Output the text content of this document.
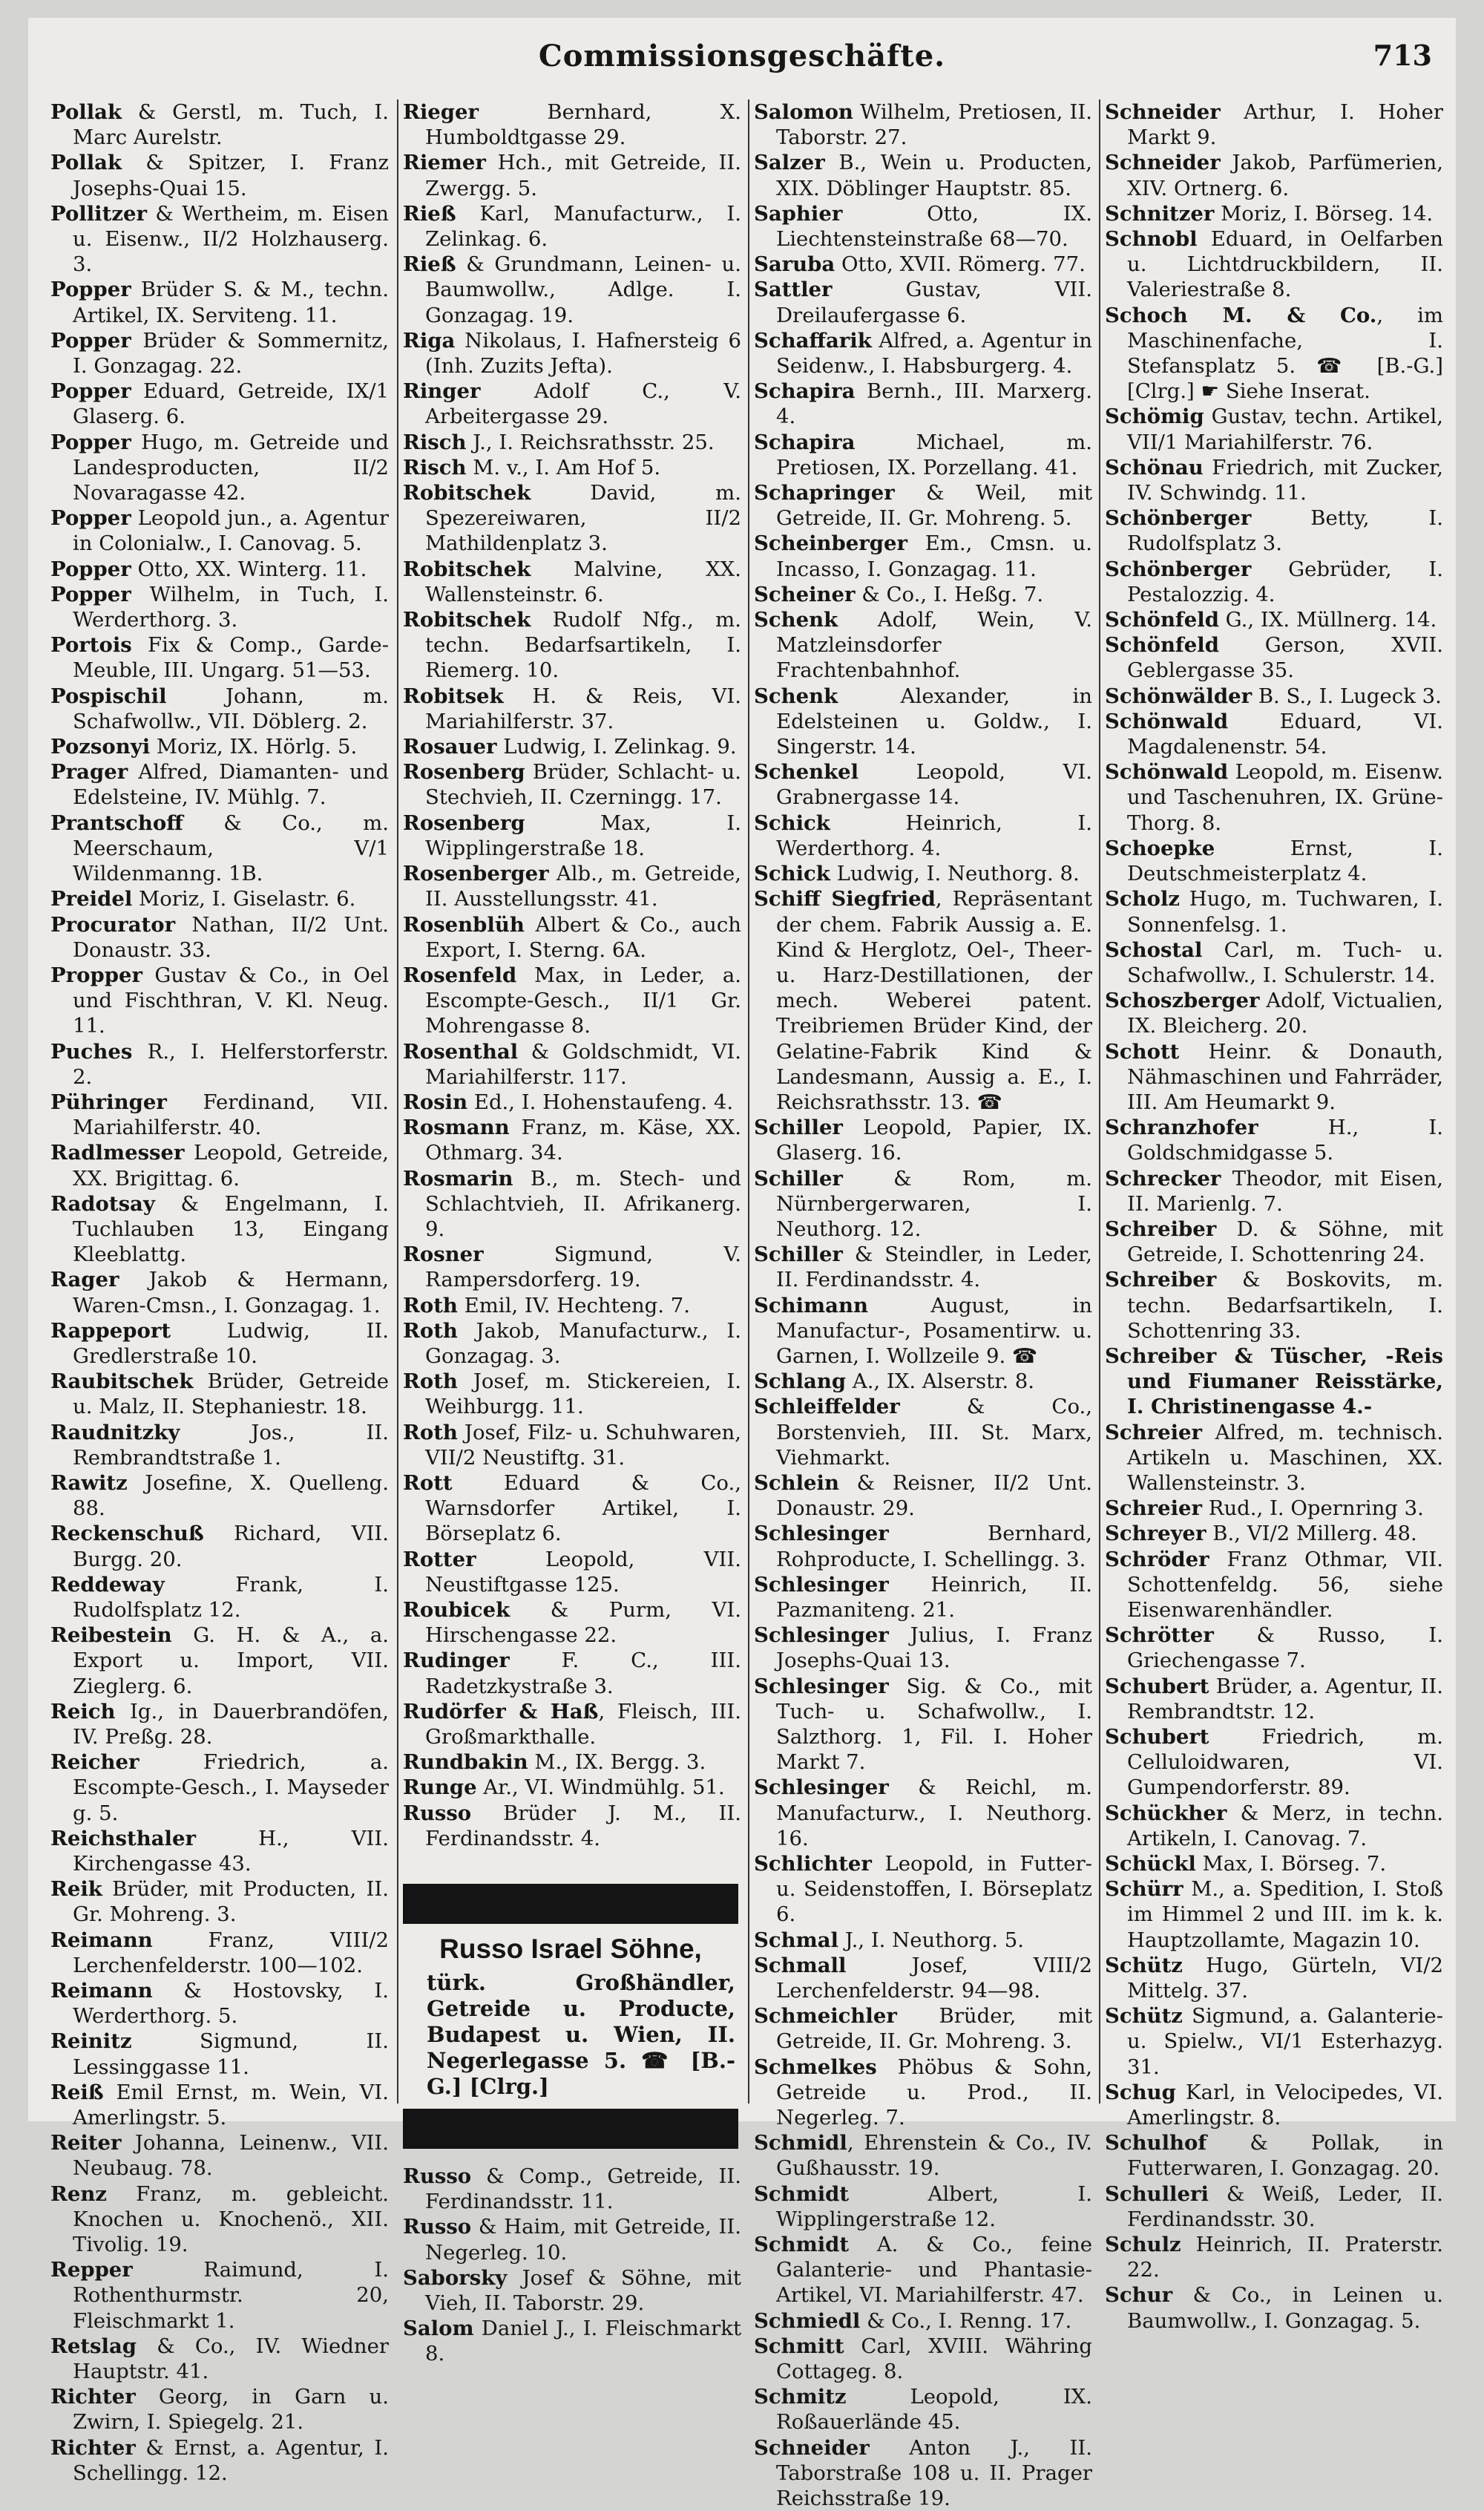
Commissionsgeschäfte.	713
Pollak & Gerstl, m. Tuch, I. Marc Aurelstr.
Pollak & Spitzer, I. Franz Josephs-Quai 15.
Pollitzer & Wertheim, m. Eisen u. Eisenw., II/2 Holzhauserg. 3.
Popper Brüder S. & M., techn. Artikel, IX. Serviteng. 11.
Popper Brüder & Sommernitz, I. Gonzagag. 22.
Popper Eduard, Getreide, IX/1 Glaserg. 6.
Popper Hugo, m. Getreide und Landesproducten, II/2 Novaragasse 42.
Popper Leopold jun., a. Agentur in Colonialw., I. Canovag. 5.
Popper Otto, XX. Winterg. 11.
Popper Wilhelm, in Tuch, I. Werderthorg. 3.
Portois Fix & Comp., Garde-Meuble, III. Ungarg. 51—53.
Pospischil Johann, m. Schafwollw., VII. Döblerg. 2.
Pozsonyi Moriz, IX. Hörlg. 5.
Prager Alfred, Diamanten- und Edelsteine, IV. Mühlg. 7.
Prantschoff & Co., m. Meerschaum, V/1 Wildenmanng. 1B.
Preidel Moriz, I. Giselastr. 6.
Procurator Nathan, II/2 Unt. Donaustr. 33.
Propper Gustav & Co., in Oel und Fischthran, V. Kl. Neug. 11.
Puches R., I. Helferstorferstr. 2.
Pühringer Ferdinand, VII. Mariahilferstr. 40.
Radlmesser Leopold, Getreide, XX. Brigittag. 6.
Radotsay & Engelmann, I. Tuchlauben 13, Eingang Kleeblattg.
Rager Jakob & Hermann, Waren-Cmsn., I. Gonzagag. 1.
Rappeport Ludwig, II. Gredlerstraße 10.
Raubitschek Brüder, Getreide u. Malz, II. Stephaniestr. 18.
Raudnitzky Jos., II. Rembrandtstraße 1.
Rawitz Josefine, X. Quelleng. 88.
Reckenschuß Richard, VII. Burgg. 20.
Reddeway Frank, I. Rudolfsplatz 12.
Reibestein G. H. & A., a. Export u. Import, VII. Zieglerg. 6.
Reich Ig., in Dauerbrandöfen, IV. Preßg. 28.
Reicher Friedrich, a. Escompte-Gesch., I. Mayseder g. 5.
Reichsthaler H., VII. Kirchengasse 43.
Reik Brüder, mit Producten, II. Gr. Mohreng. 3.
Reimann Franz, VIII/2 Lerchenfelderstr. 100—102.
Reimann & Hostovsky, I. Werderthorg. 5.
Reinitz Sigmund, II. Lessinggasse 11.
Reiß Emil Ernst, m. Wein, VI. Amerlingstr. 5.
Reiter Johanna, Leinenw., VII. Neubaug. 78.
Renz Franz, m. gebleicht. Knochen u. Knochenö., XII. Tivolig. 19.
Repper Raimund, I. Rothenthurmstr. 20, Fleischmarkt 1.
Retslag & Co., IV. Wiedner Hauptstr. 41.
Richter Georg, in Garn u. Zwirn, I. Spiegelg. 21.
Richter & Ernst, a. Agentur, I. Schellingg. 12.
Rieger Bernhard, X. Humboldtgasse 29.
Riemer Hch., mit Getreide, II. Zwergg. 5.
Rieß Karl, Manufacturw., I. Zelinkag. 6.
Rieß & Grundmann, Leinen- u. Baumwollw., Adlge. I. Gonzagag. 19.
Riga Nikolaus, I. Hafnersteig 6 (Inh. Zuzits Jefta).
Ringer Adolf C., V. Arbeitergasse 29.
Risch J., I. Reichsrathsstr. 25.
Risch M. v., I. Am Hof 5.
Robitschek David, m. Spezereiwaren, II/2 Mathildenplatz 3.
Robitschek Malvine, XX. Wallensteinstr. 6.
Robitschek Rudolf Nfg., m. techn. Bedarfsartikeln, I. Riemerg. 10.
Robitsek H. & Reis, VI. Mariahilferstr. 37.
Rosauer Ludwig, I. Zelinkag. 9.
Rosenberg Brüder, Schlacht- u. Stechvieh, II. Czerningg. 17.
Rosenberg Max, I. Wipplingerstraße 18.
Rosenberger Alb., m. Getreide, II. Ausstellungsstr. 41.
Rosenblüh Albert & Co., auch Export, I. Sterng. 6A.
Rosenfeld Max, in Leder, a. Escompte-Gesch., II/1 Gr. Mohrengasse 8.
Rosenthal & Goldschmidt, VI. Mariahilferstr. 117.
Rosin Ed., I. Hohenstaufeng. 4.
Rosmann Franz, m. Käse, XX. Othmarg. 34.
Rosmarin B., m. Stech- und Schlachtvieh, II. Afrikanerg. 9.
Rosner Sigmund, V. Rampersdorferg. 19.
Roth Emil, IV. Hechteng. 7.
Roth Jakob, Manufacturw., I. Gonzagag. 3.
Roth Josef, m. Stickereien, I. Weihburgg. 11.
Roth Josef, Filz- u. Schuhwaren, VII/2 Neustiftg. 31.
Rott Eduard & Co., Warnsdorfer Artikel, I. Börseplatz 6.
Rotter Leopold, VII. Neustiftgasse 125.
Roubicek & Purm, VI. Hirschengasse 22.
Rudinger F. C., III. Radetzkystraße 3.
Rudörfer & Haß, Fleisch, III. Großmarkthalle.
Rundbakin M., IX. Bergg. 3.
Runge Ar., VI. Windmühlg. 51.
Russo Brüder J. M., II. Ferdinandsstr. 4.
Russo Israel Söhne,
türk. Großhändler, Getreide u. Producte, Budapest u. Wien, II. Negerlegasse 5. ☎ [B.-G.] [Clrg.]
Russo & Comp., Getreide, II. Ferdinandsstr. 11.
Russo & Haim, mit Getreide, II. Negerleg. 10.
Saborsky Josef & Söhne, mit Vieh, II. Taborstr. 29.
Salom Daniel J., I. Fleischmarkt 8.
Salomon Wilhelm, Pretiosen, II. Taborstr. 27.
Salzer B., Wein u. Producten, XIX. Döblinger Hauptstr. 85.
Saphier Otto, IX. Liechtensteinstraße 68—70.
Saruba Otto, XVII. Römerg. 77.
Sattler Gustav, VII. Dreilaufergasse 6.
Schaffarik Alfred, a. Agentur in Seidenw., I. Habsburgerg. 4.
Schapira Bernh., III. Marxerg. 4.
Schapira Michael, m. Pretiosen, IX. Porzellang. 41.
Schapringer & Weil, mit Getreide, II. Gr. Mohreng. 5.
Scheinberger Em., Cmsn. u. Incasso, I. Gonzagag. 11.
Scheiner & Co., I. Heßg. 7.
Schenk Adolf, Wein, V. Matzleinsdorfer Frachtenbahnhof.
Schenk Alexander, in Edelsteinen u. Goldw., I. Singerstr. 14.
Schenkel Leopold, VI. Grabnergasse 14.
Schick Heinrich, I. Werderthorg. 4.
Schick Ludwig, I. Neuthorg. 8.
Schiff Siegfried, Repräsentant der chem. Fabrik Aussig a. E. Kind & Herglotz, Oel-, Theer- u. Harz-Destillationen, der mech. Weberei patent. Treibriemen Brüder Kind, der Gelatine-Fabrik Kind & Landesmann, Aussig a. E., I. Reichsrathsstr. 13. ☎
Schiller Leopold, Papier, IX. Glaserg. 16.
Schiller & Rom, m. Nürnbergerwaren, I. Neuthorg. 12.
Schiller & Steindler, in Leder, II. Ferdinandsstr. 4.
Schimann August, in Manufactur-, Posamentirw. u. Garnen, I. Wollzeile 9. ☎
Schlang A., IX. Alserstr. 8.
Schleiffelder & Co., Borstenvieh, III. St. Marx, Viehmarkt.
Schlein & Reisner, II/2 Unt. Donaustr. 29.
Schlesinger Bernhard, Rohproducte, I. Schellingg. 3.
Schlesinger Heinrich, II. Pazmaniteng. 21.
Schlesinger Julius, I. Franz Josephs-Quai 13.
Schlesinger Sig. & Co., mit Tuch- u. Schafwollw., I. Salzthorg. 1, Fil. I. Hoher Markt 7.
Schlesinger & Reichl, m. Manufacturw., I. Neuthorg. 16.
Schlichter Leopold, in Futter- u. Seidenstoffen, I. Börseplatz 6.
Schmal J., I. Neuthorg. 5.
Schmall Josef, VIII/2 Lerchenfelderstr. 94—98.
Schmeichler Brüder, mit Getreide, II. Gr. Mohreng. 3.
Schmelkes Phöbus & Sohn, Getreide u. Prod., II. Negerleg. 7.
Schmidl, Ehrenstein & Co., IV. Gußhausstr. 19.
Schmidt Albert, I. Wipplingerstraße 12.
Schmidt A. & Co., feine Galanterie- und Phantasie-Artikel, VI. Mariahilferstr. 47.
Schmiedl & Co., I. Renng. 17.
Schmitt Carl, XVIII. Währing Cottageg. 8.
Schmitz Leopold, IX. Roßauerlände 45.
Schneider Anton J., II. Taborstraße 108 u. II. Prager Reichsstraße 19.
Schneider Arthur, I. Hoher Markt 9.
Schneider Jakob, Parfümerien, XIV. Ortnerg. 6.
Schnitzer Moriz, I. Börseg. 14.
Schnobl Eduard, in Oelfarben u. Lichtdruckbildern, II. Valeriestraße 8.
Schoch M. & Co., im Maschinenfache, I. Stefansplatz 5. ☎ [B.-G.] [Clrg.] ☛ Siehe Inserat.
Schömig Gustav, techn. Artikel, VII/1 Mariahilferstr. 76.
Schönau Friedrich, mit Zucker, IV. Schwindg. 11.
Schönberger Betty, I. Rudolfsplatz 3.
Schönberger Gebrüder, I. Pestalozzig. 4.
Schönfeld G., IX. Müllnerg. 14.
Schönfeld Gerson, XVII. Geblergasse 35.
Schönwälder B. S., I. Lugeck 3.
Schönwald Eduard, VI. Magdalenenstr. 54.
Schönwald Leopold, m. Eisenw. und Taschenuhren, IX. Grüne-Thorg. 8.
Schoepke Ernst, I. Deutschmeisterplatz 4.
Scholz Hugo, m. Tuchwaren, I. Sonnenfelsg. 1.
Schostal Carl, m. Tuch- u. Schafwollw., I. Schulerstr. 14.
Schoszberger Adolf, Victualien, IX. Bleicherg. 20.
Schott Heinr. & Donauth, Nähmaschinen und Fahrräder, III. Am Heumarkt 9.
Schranzhofer H., I. Goldschmidgasse 5.
Schrecker Theodor, mit Eisen, II. Marienlg. 7.
Schreiber D. & Söhne, mit Getreide, I. Schottenring 24.
Schreiber & Boskovits, m. techn. Bedarfsartikeln, I. Schottenring 33.
Schreiber & Tüscher, -Reis und Fiumaner Reisstärke, I. Christinengasse 4.-
Schreier Alfred, m. technisch. Artikeln u. Maschinen, XX. Wallensteinstr. 3.
Schreier Rud., I. Opernring 3.
Schreyer B., VI/2 Millerg. 48.
Schröder Franz Othmar, VII. Schottenfeldg. 56, siehe Eisenwarenhändler.
Schrötter & Russo, I. Griechengasse 7.
Schubert Brüder, a. Agentur, II. Rembrandtstr. 12.
Schubert Friedrich, m. Celluloidwaren, VI. Gumpendorferstr. 89.
Schückher & Merz, in techn. Artikeln, I. Canovag. 7.
Schückl Max, I. Börseg. 7.
Schürr M., a. Spedition, I. Stoß im Himmel 2 und III. im k. k. Hauptzollamte, Magazin 10.
Schütz Hugo, Gürteln, VI/2 Mittelg. 37.
Schütz Sigmund, a. Galanterie- u. Spielw., VI/1 Esterhazyg. 31.
Schug Karl, in Velocipedes, VI. Amerlingstr. 8.
Schulhof & Pollak, in Futterwaren, I. Gonzagag. 20.
Schulleri & Weiß, Leder, II. Ferdinandsstr. 30.
Schulz Heinrich, II. Praterstr. 22.
Schur & Co., in Leinen u. Baumwollw., I. Gonzagag. 5.
